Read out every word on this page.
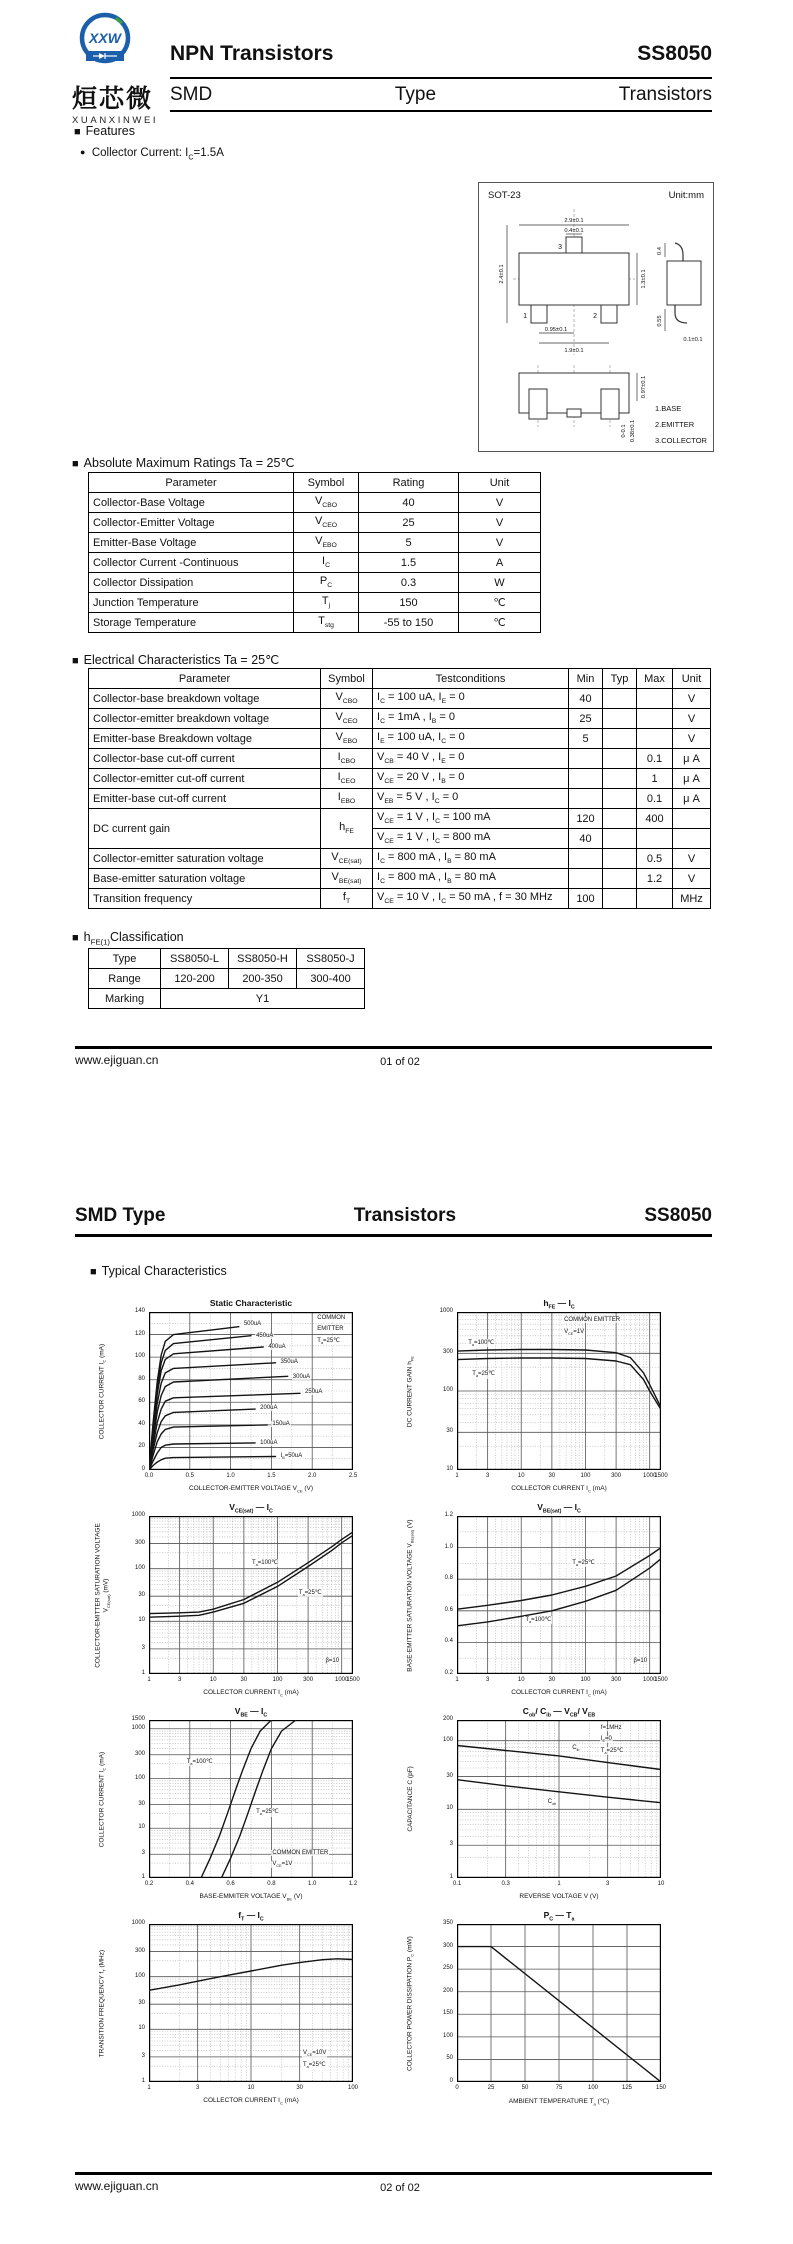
XXW
烜芯微
XUANXINWEI
NPN Transistors	SS8050
SMD	Type	Transistors
■ Features
● Collector Current: $I_C=1.5A$
SOT-23	Unit:mm
3
1	2
2.9±0.1
0.4±0.1
2.4±0.1	1.3±0.1
0.95±0.1
1.9±0.1
0.4
0.55
0.1±0.1
0.97±0.1
0-0.1 0.38±0.1
1.BASE
2.EMITTER
3.COLLECTOR
■ Absolute Maximum Ratings Ta = 25℃
Parameter	Symbol	Rating	Unit
Collector-Base Voltage	$V_{CBO}$	40	V
Collector-Emitter Voltage	$V_{CEO}$	25	V
Emitter-Base Voltage	$V_{EBO}$	5	V
Collector Current -Continuous	$I_C$	1.5	A
Collector Dissipation	$P_C$	0.3	W
Junction Temperature	$T_j$	150	℃
Storage Temperature	$T_{stg}$	-55 to 150	℃
■ Electrical Characteristics Ta = 25℃
Parameter	Symbol	Testconditions	Min	Typ	Max	Unit
Collector-base breakdown voltage	$V_{CBO}$	$I_C = 100$ uA, $I_E = 0$	40			V
Collector-emitter breakdown voltage	$V_{CEO}$	$I_C = 1mA$ , $I_B = 0$	25			V
Emitter-base Breakdown voltage	$V_{EBO}$	$I_E = 100$ uA, $I_C = 0$	5			V
Collector-base cut-off current	$I_{CBO}$	$V_{CB} = 40$ V , $I_E = 0$			0.1	μ A
Collector-emitter cut-off current	$I_{CEO}$	$V_{CE} = 20$ V , $I_B = 0$			1	μ A
Emitter-base cut-off current	$I_{EBO}$	$V_{EB} = 5$ V , $I_C = 0$			0.1	μ A
DC current gain	$h_{FE}$	$V_{CE} = 1$ V , $I_C = 100$ mA	120		400	
		$V_{CE} = 1$ V , $I_C = 800$ mA	40			
Collector-emitter saturation voltage	$V_{CE(sat)}$	$I_C = 800$ mA , $I_B = 80$ mA			0.5	V
Base-emitter saturation voltage	$V_{BE(sat)}$	$I_C = 800$ mA , $I_B = 80$ mA			1.2	V
Transition frequency	$f_T$	$V_{CE} = 10$ V , $I_C = 50$ mA , f = 30 MHz	100			MHz
■ $h_{FE(1)}Classification$
Type	SS8050-L	SS8050-H	SS8050-J
Range	120-200	200-350	300-400
Marking	Y1		
www.ejiguan.cn	01 of 02
SMD Type	Transistors	SS8050
■ Typical Characteristics
Static Characteristic
0.0	0.5	1.0	1.5	2.0	2.5
0
20
40
60
80
100
120
140
COLLECTOR-EMITTER VOLTAGE $V_{CE}$ (V)
COLLECTOR CURRENT $I_C$ (mA)
500uA
450uA
400uA
350uA
300uA
250uA
200uA
150uA
100uA
$I_B=50uA$
COMMON
EMITTER
$T_a=25℃$
$h_{FE}$ — $I_C$
1	3	10	30	100	300	1000
1500
10
30
100
300
1000
COLLECTOR CURRENT $I_C$ (mA)
DC CURRENT GAIN $h_{FE}$
$T_a=100℃$
$T_a=25℃$
COMMON EMITTER
$V_{CE}=1V$
$V_{CE(sat)}$ — $I_C$
1	3	10	30	100	300	1000
1500
1
3
10
30
100
300
1000
COLLECTOR CURRENT $I_C$ (mA)
COLLECTOR-EMITTER SATURATION VOLTAGE $V_{CE(sat)}$ (mV)
$T_a=100℃$
$T_a=25℃$
β=10
$V_{BE(sat)}$ — $I_C$
1	3	10	30	100	300	1000
1500
0.2
0.4
0.6
0.8
1.0
1.2
COLLECTOR CURRENT $I_C$ (mA)
BASE-EMITTER SATURATION VOLTAGE $V_{BE(sat)}$ (V)
$T_a=25℃$
$T_a=100℃$
β=10
$V_{BE}$ — $I_C$
0.2	0.4	0.6	0.8	1.0	1.2
1
3
10
30
100
300
1000
1500
BASE-EMMITER VOLTAGE $V_{BE}$ (V)
COLLECTOR CURRENT $I_C$ (mA)	$T_a=100℃$
$T_a=25℃$
COMMON EMITTER
$V_{CE}=1V$
$C_{ob}/$ $C_{ib}$ — $V_{CB}/$ $V_{EB}$
0.1	0.3	1	3	10
1
3
10
30
100
200
REVERSE VOLTAGE V (V)
CAPACITANCE C (pF)
$C_{ib}$
$C_{ob}$
f=1MHz
$I_E=0$
$T_a=25℃$
$f_T$ — $I_C$
1	3	10	30	100
1
3
10
30
100
300
1000
COLLECTOR CURRENT $I_C$ (mA)
TRANSITION FREQUENCY $f_T$ (MHz)
$V_{CE}=10V$
$T_a=25℃$
$P_C$ — $T_a$
0	25	50	75	100	125	150
0
50
100
150
200
250
300
350
AMBIENT TEMPERATURE $T_a$ (℃)
COLLECTOR POWER DISSIPATION $P_C$ (mW)
www.ejiguan.cn	02 of 02
